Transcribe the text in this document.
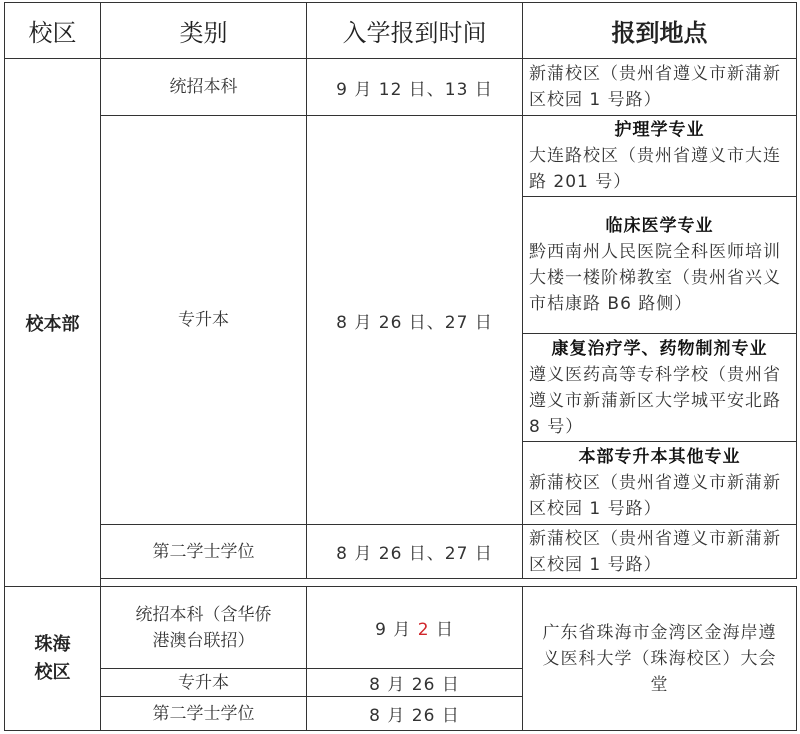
校区	类别	入学报到时间	报到地点
校本部	统招本科	9 月 12 日、13 日	新蒲校区（贵州省遵义市新蒲新区校园 1 号路）
	专升本	8 月 26 日、27 日	护理学专业
大连路校区（贵州省遵义市大连路 201 号）

			临床医学专业
黔西南州人民医院全科医师培训大楼一楼阶梯教室（贵州省兴义市桔康路 B6 路侧）

			康复治疗学、药物制剂专业
遵义医药高等专科学校（贵州省遵义市新蒲新区大学城平安北路 8 号）

			本部专升本其他专业
新蒲校区（贵州省遵义市新蒲新区校园 1 号路）
	第二学士学位	8 月 26 日、27 日	新蒲校区（贵州省遵义市新蒲新区校园 1 号路）

珠海校区	统招本科（含华侨港澳台联招）	9 月 2 日	广东省珠海市金湾区金海岸遵义医科大学（珠海校区）大会堂

	专升本	8 月 26 日	
	第二学士学位	8 月 26 日	
